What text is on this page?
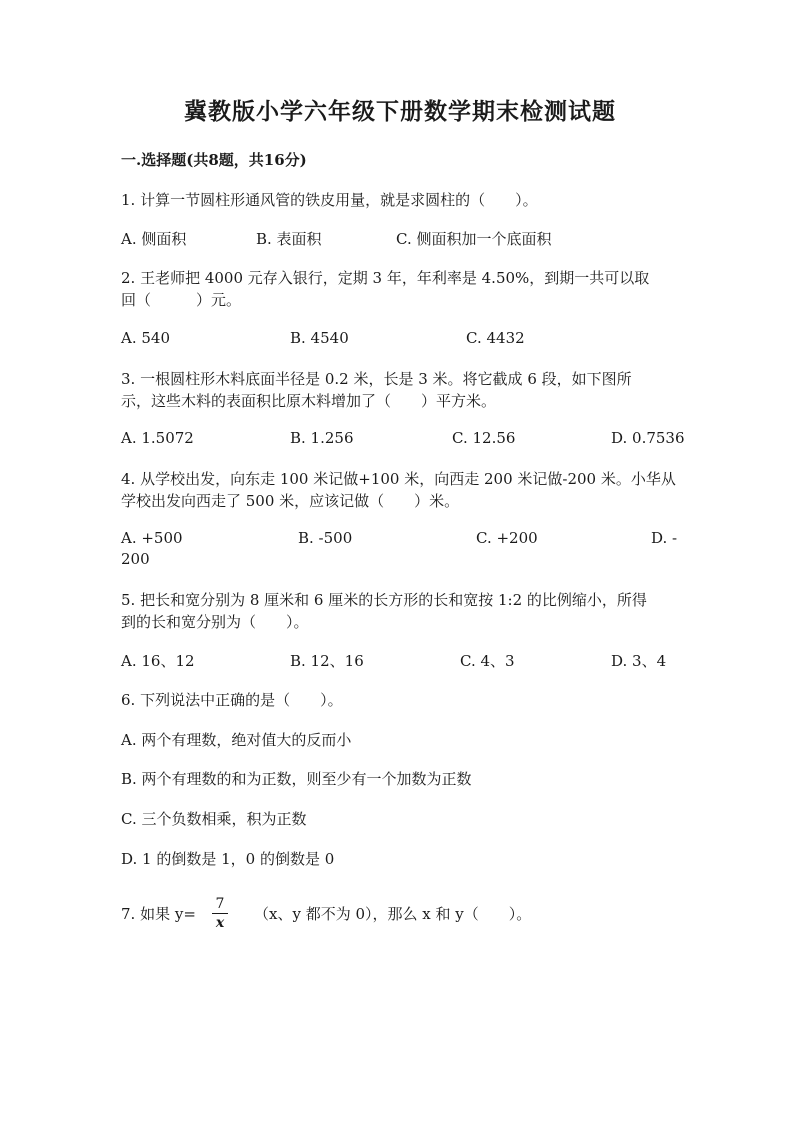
冀教版小学六年级下册数学期末检测试题
一.选择题(共8题，共16分)
1. 计算一节圆柱形通风管的铁皮用量，就是求圆柱的（　　）。
A. 侧面积	B. 表面积	C. 侧面积加一个底面积
2. 王老师把 4000 元存入银行，定期 3 年，年利率是 4.50%，到期一共可以取
回（　　　）元。
A. 540	B. 4540	C. 4432
3. 一根圆柱形木料底面半径是 0.2 米，长是 3 米。将它截成 6 段，如下图所
示，这些木料的表面积比原木料增加了（　　）平方米。
A. 1.5072	B. 1.256	C. 12.56	D. 0.7536
4. 从学校出发，向东走 100 米记做+100 米，向西走 200 米记做-200 米。小华从
学校出发向西走了 500 米，应该记做（　　）米。
A. +500	B. -500	C. +200	D. -
200
5. 把长和宽分别为 8 厘米和 6 厘米的长方形的长和宽按 1:2 的比例缩小，所得
到的长和宽分别为（　　）。
A. 16、12	B. 12、16	C. 4、3	D. 3、4
6. 下列说法中正确的是（　　）。
A. 两个有理数，绝对值大的反而小
B. 两个有理数的和为正数，则至少有一个加数为正数
C. 三个负数相乘，积为正数
D. 1 的倒数是 1，0 的倒数是 0
7. 如果 $y= \frac{7}{x} (x$、y 都不为 0），那么 x 和 y（　　）。
